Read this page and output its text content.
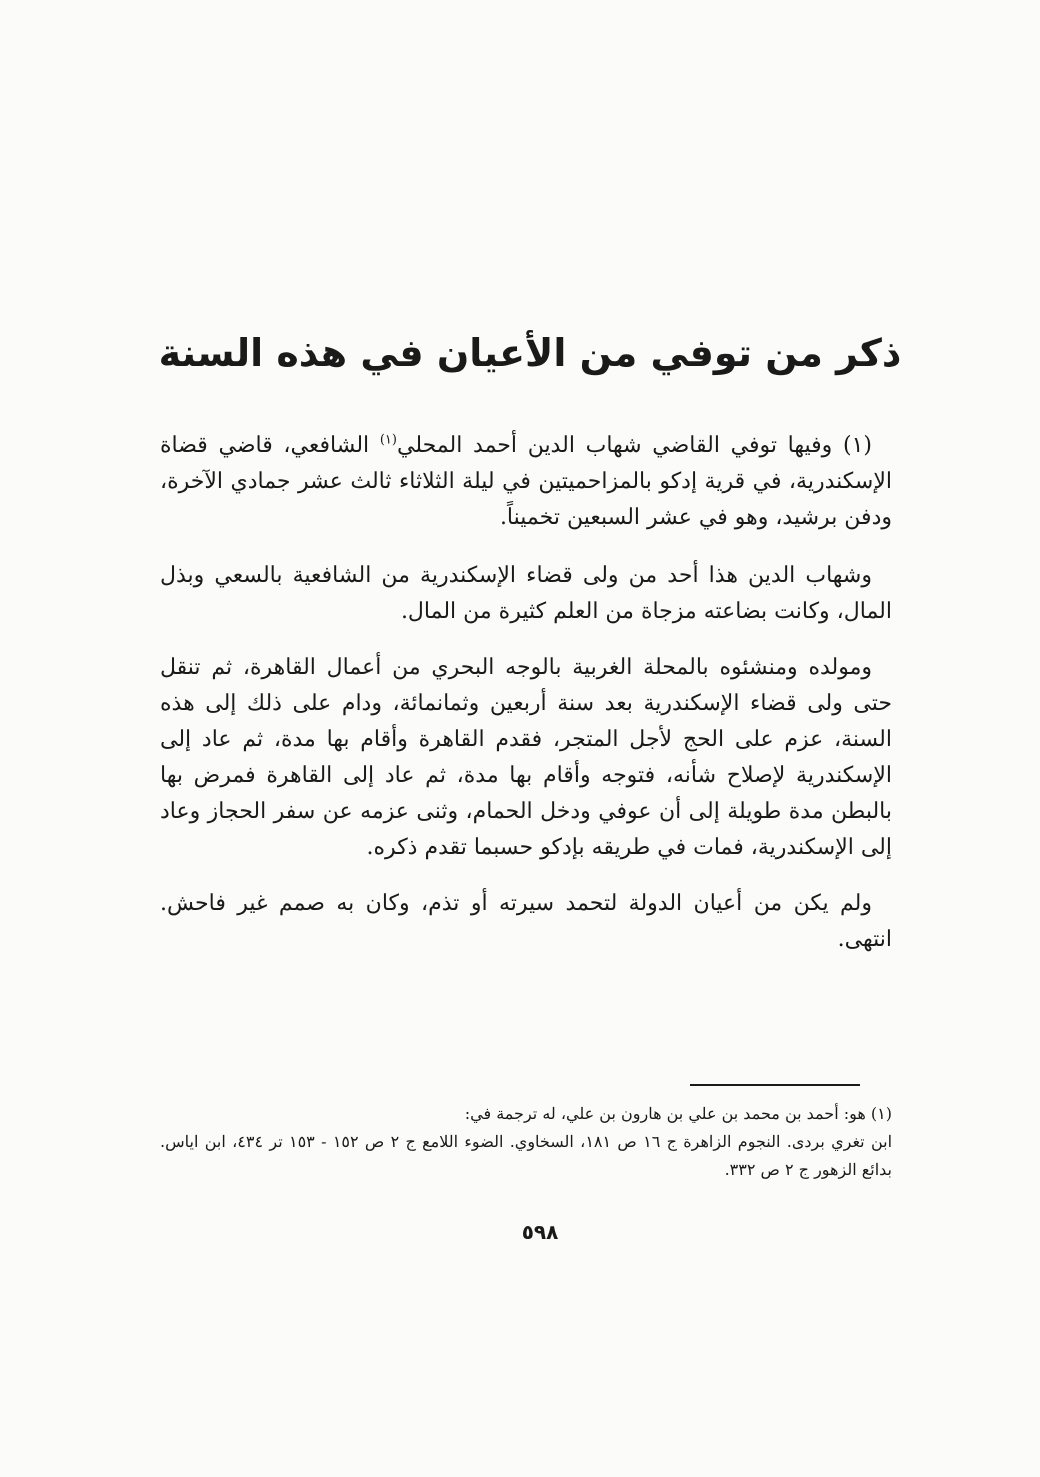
ذكر من توفي من الأعيان في هذه السنة

(١) وفيها توفي القاضي شهاب الدين أحمد المحلي$^{(١)}$ الشافعي، قاضي قضاة الإسكندرية، في قرية إدكو بالمزاحميتين في ليلة الثلاثاء ثالث عشر جمادي الآخرة، ودفن برشيد، وهو في عشر السبعين تخميناً.

وشهاب الدين هذا أحد من ولى قضاء الإسكندرية من الشافعية بالسعي وبذل المال، وكانت بضاعته مزجاة من العلم كثيرة من المال.

ومولده ومنشئوه بالمحلة الغربية بالوجه البحري من أعمال القاهرة، ثم تنقل حتى ولى قضاء الإسكندرية بعد سنة أربعين وثمانمائة، ودام على ذلك إلى هذه السنة، عزم على الحج لأجل المتجر، فقدم القاهرة وأقام بها مدة، ثم عاد إلى الإسكندرية لإصلاح شأنه، فتوجه وأقام بها مدة، ثم عاد إلى القاهرة فمرض بها بالبطن مدة طويلة إلى أن عوفي ودخل الحمام، وثنى عزمه عن سفر الحجاز وعاد إلى الإسكندرية، فمات في طريقه بإدكو حسبما تقدم ذكره.

ولم يكن من أعيان الدولة لتحمد سيرته أو تذم، وكان به صمم غير فاحش. انتهى.

(١) هو: أحمد بن محمد بن علي بن هارون بن علي، له ترجمة في:

ابن تغري بردى. النجوم الزاهرة ج ١٦ ص ١٨١، السخاوي. الضوء اللامع ج ٢ ص ١٥٢ - ١٥٣ تر ٤٣٤، ابن اياس. بدائع الزهور ج ٢ ص ٣٣٢.

٥٩٨
